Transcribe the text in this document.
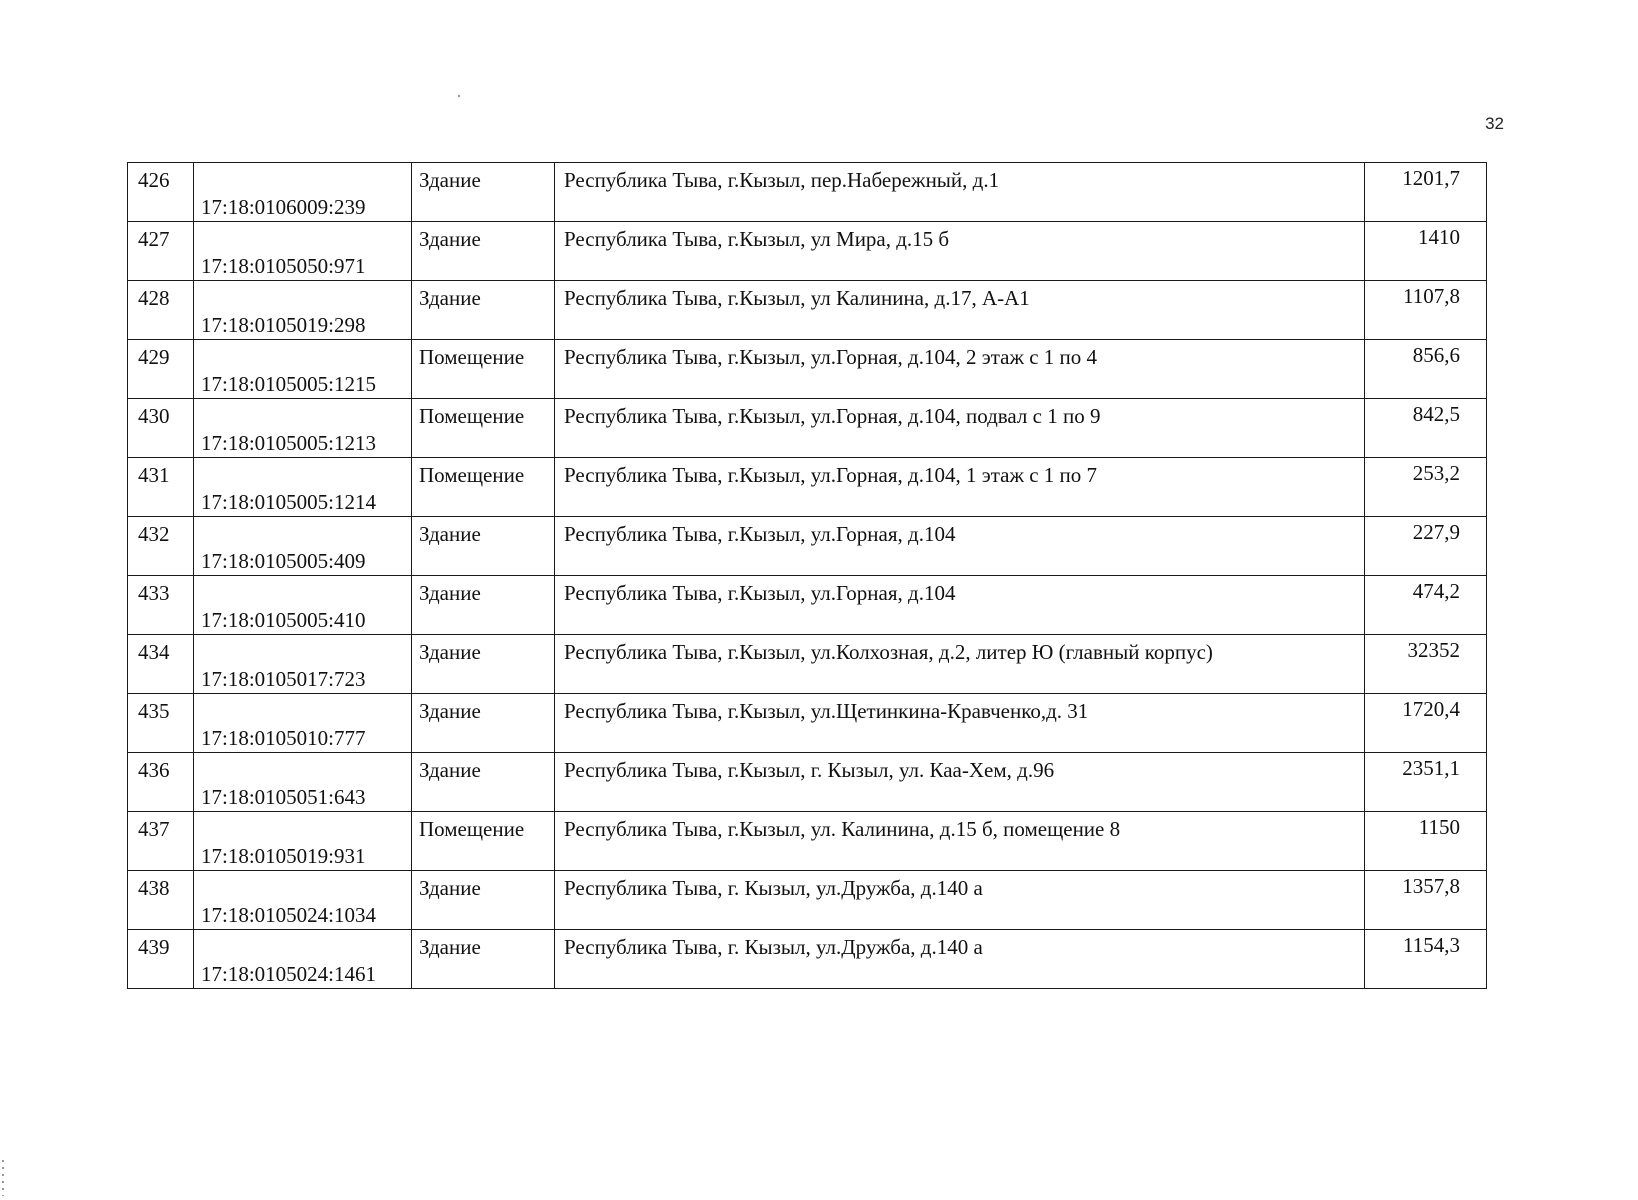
32
426	17:18:0106009:239	Здание	Республика Тыва, г.Кызыл, пер.Набережный, д.1	1201,7
427	17:18:0105050:971	Здание	Республика Тыва, г.Кызыл, ул Мира, д.15 б	1410
428	17:18:0105019:298	Здание	Республика Тыва, г.Кызыл, ул Калинина, д.17, А-А1	1107,8
429	17:18:0105005:1215	Помещение	Республика Тыва, г.Кызыл, ул.Горная, д.104, 2 этаж с 1 по 4	856,6
430	17:18:0105005:1213	Помещение	Республика Тыва, г.Кызыл, ул.Горная, д.104, подвал с 1 по 9	842,5
431	17:18:0105005:1214	Помещение	Республика Тыва, г.Кызыл, ул.Горная, д.104, 1 этаж с 1 по 7	253,2
432	17:18:0105005:409	Здание	Республика Тыва, г.Кызыл, ул.Горная, д.104	227,9
433	17:18:0105005:410	Здание	Республика Тыва, г.Кызыл, ул.Горная, д.104	474,2
434	17:18:0105017:723	Здание	Республика Тыва, г.Кызыл, ул.Колхозная, д.2, литер Ю (главный корпус)	32352
435	17:18:0105010:777	Здание	Республика Тыва, г.Кызыл, ул.Щетинкина-Кравченко,д. 31	1720,4
436	17:18:0105051:643	Здание	Республика Тыва, г.Кызыл, г. Кызыл, ул. Каа-Хем, д.96	2351,1
437	17:18:0105019:931	Помещение	Республика Тыва, г.Кызыл, ул. Калинина, д.15 б, помещение 8	1150
438	17:18:0105024:1034	Здание	Республика Тыва, г. Кызыл, ул.Дружба, д.140 а	1357,8
439	17:18:0105024:1461	Здание	Республика Тыва, г. Кызыл, ул.Дружба, д.140 а	1154,3
